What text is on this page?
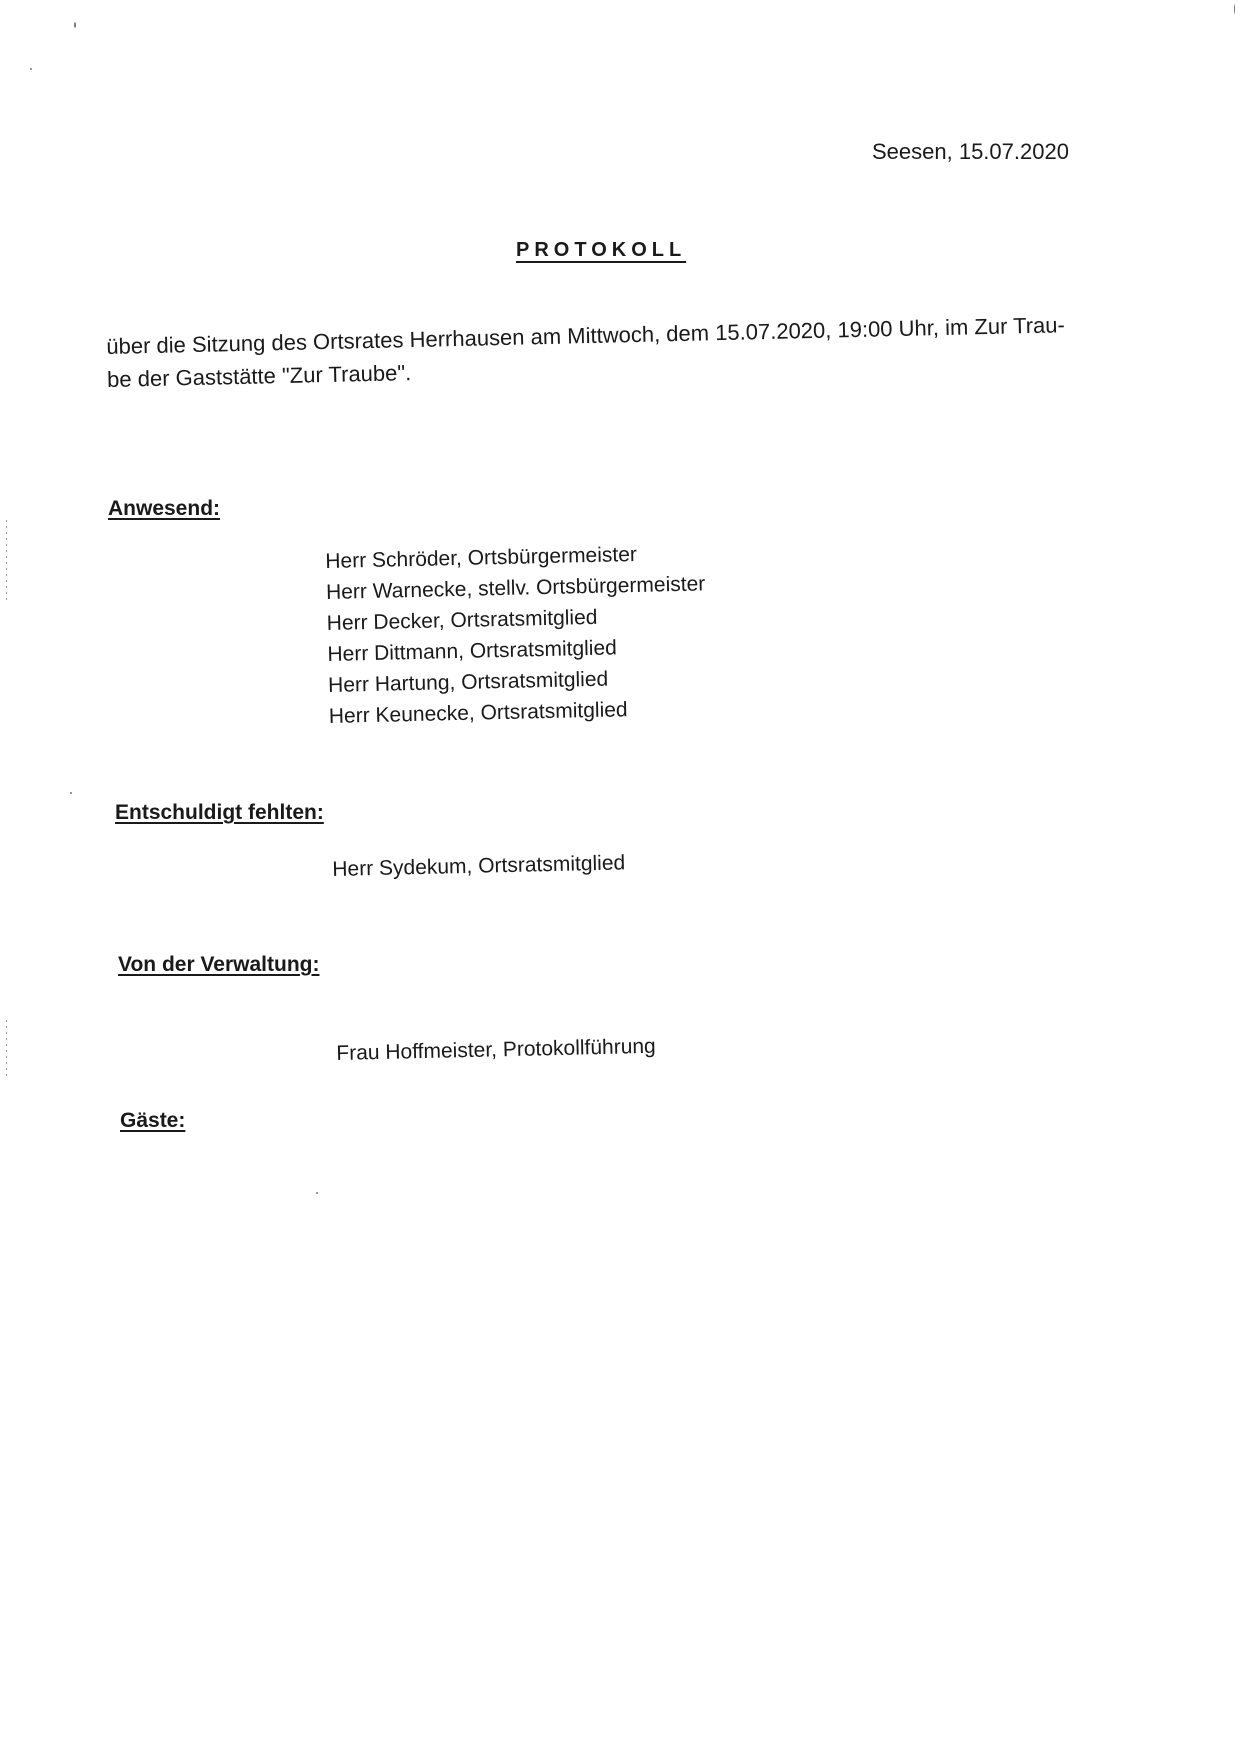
Seesen, 15.07.2020
PROTOKOLL
über die Sitzung des Ortsrates Herrhausen am Mittwoch, dem 15.07.2020, 19:00 Uhr, im Zur Trau-
be der Gaststätte "Zur Traube".
Anwesend:
Herr Schröder, Ortsbürgermeister
Herr Warnecke, stellv. Ortsbürgermeister
Herr Decker, Ortsratsmitglied
Herr Dittmann, Ortsratsmitglied
Herr Hartung, Ortsratsmitglied
Herr Keunecke, Ortsratsmitglied
Entschuldigt fehlten:
Herr Sydekum, Ortsratsmitglied
Von der Verwaltung:
Frau Hoffmeister, Protokollführung
Gäste:
